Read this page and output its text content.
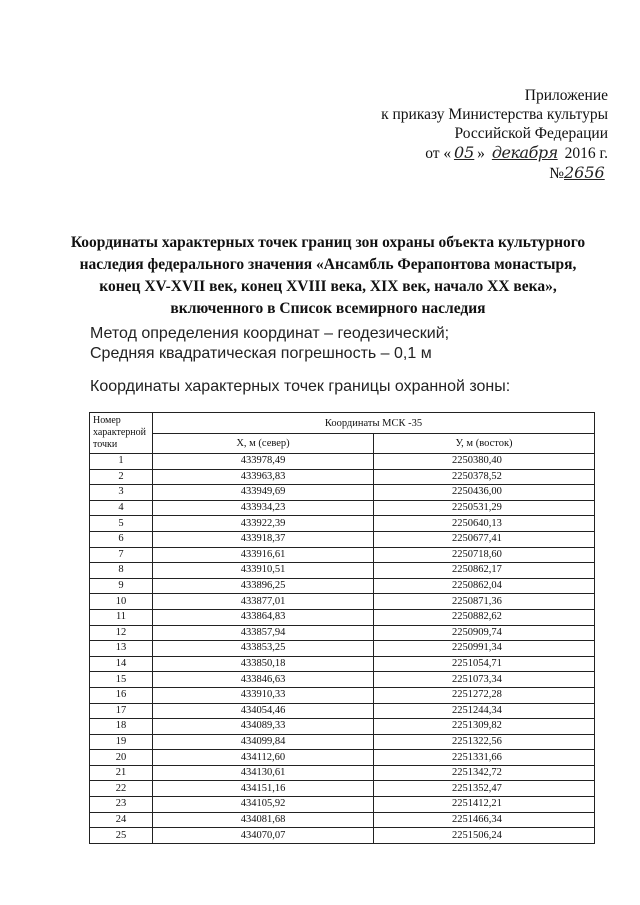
Приложение
к приказу Министерства культуры
Российской Федерации
от « 05 » декабря 2016 г.
№2656
Координаты характерных точек границ зон охраны объекта культурного наследия федерального значения «Ансамбль Ферапонтова монастыря, конец XV-XVII век, конец XVIII века, XIX век, начало XX века», включенного в Список всемирного наследия
Метод определения координат – геодезический;
Средняя квадратическая погрешность – 0,1 м
Координаты характерных точек границы охранной зоны:
Номер характерной точки	Координаты МСК -35	
	X, м (север)	У, м (восток)
1	433978,49	2250380,40
2	433963,83	2250378,52
3	433949,69	2250436,00
4	433934,23	2250531,29
5	433922,39	2250640,13
6	433918,37	2250677,41
7	433916,61	2250718,60
8	433910,51	2250862,17
9	433896,25	2250862,04
10	433877,01	2250871,36
11	433864,83	2250882,62
12	433857,94	2250909,74
13	433853,25	2250991,34
14	433850,18	2251054,71
15	433846,63	2251073,34
16	433910,33	2251272,28
17	434054,46	2251244,34
18	434089,33	2251309,82
19	434099,84	2251322,56
20	434112,60	2251331,66
21	434130,61	2251342,72
22	434151,16	2251352,47
23	434105,92	2251412,21
24	434081,68	2251466,34
25	434070,07	2251506,24
